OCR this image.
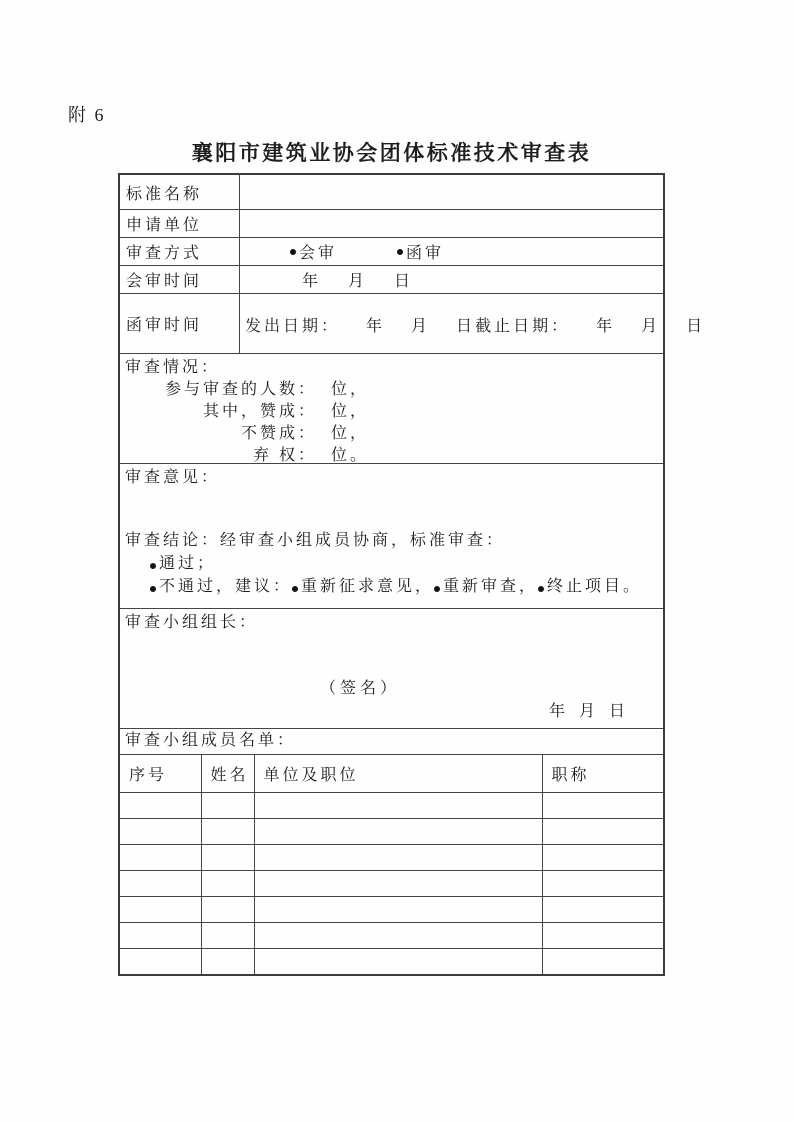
附 6
襄阳市建筑业协会团体标准技术审查表
标准名称
申请单位
审查方式	会审	函审
会审时间	年 月 日
函审时间	发出日期： 年 月 日 截止日期： 年 月 日
审查情况：
参与审查的人数： 位，
其中，赞成： 位，
不赞成： 位，
弃 权： 位。
审查意见：
审查结论：经审查小组成员协商，标准审查：
通过；
不通过，建议： 重新征求意见， 重新审查， 终止项目。
审查小组组长：
（签名）
年 月 日
审查小组成员名单：
序号	姓名	单位及职位	职称
